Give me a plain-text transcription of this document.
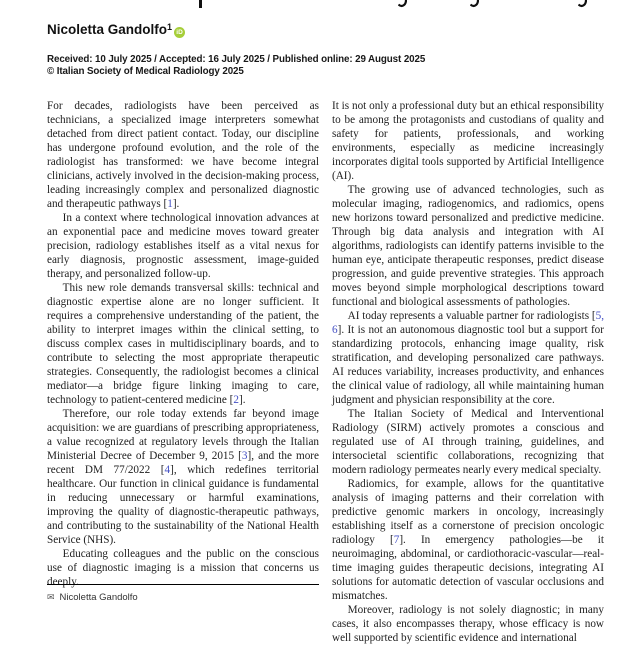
Nicoletta Gandolfo$^1$iD
Received: 10 July 2025 / Accepted: 16 July 2025 / Published online: 29 August 2025
© Italian Society of Medical Radiology 2025

For decades, radiologists have been perceived as technicians, a specialized image interpreters somewhat detached from direct patient contact. Today, our discipline has undergone profound evolution, and the role of the radiologist has transformed: we have become integral clinicians, actively involved in the decision-making process, leading increasingly complex and personalized diagnostic and therapeutic pathways [1].

In a context where technological innovation advances at an exponential pace and medicine moves toward greater precision, radiology establishes itself as a vital nexus for early diagnosis, prognostic assessment, image-guided therapy, and personalized follow-up.

This new role demands transversal skills: technical and diagnostic expertise alone are no longer sufficient. It requires a comprehensive understanding of the patient, the ability to interpret images within the clinical setting, to discuss complex cases in multidisciplinary boards, and to contribute to selecting the most appropriate therapeutic strategies. Consequently, the radiologist becomes a clinical mediator—a bridge figure linking imaging to care, technology to patient-centered medicine [2].

Therefore, our role today extends far beyond image acquisition: we are guardians of prescribing appropriateness, a value recognized at regulatory levels through the Italian Ministerial Decree of December 9, 2015 [3], and the more recent DM 77/2022 [4], which redefines territorial healthcare. Our function in clinical guidance is fundamental in reducing unnecessary or harmful examinations, improving the quality of diagnostic-therapeutic pathways, and contributing to the sustainability of the National Health Service (NHS).

Educating colleagues and the public on the conscious use of diagnostic imaging is a mission that concerns us deeply.

It is not only a professional duty but an ethical responsibility to be among the protagonists and custodians of quality and safety for patients, professionals, and working environments, especially as medicine increasingly incorporates digital tools supported by Artificial Intelligence (AI).

The growing use of advanced technologies, such as molecular imaging, radiogenomics, and radiomics, opens new horizons toward personalized and predictive medicine. Through big data analysis and integration with AI algorithms, radiologists can identify patterns invisible to the human eye, anticipate therapeutic responses, predict disease progression, and guide preventive strategies. This approach moves beyond simple morphological descriptions toward functional and biological assessments of pathologies.

AI today represents a valuable partner for radiologists [5, 6]. It is not an autonomous diagnostic tool but a support for standardizing protocols, enhancing image quality, risk stratification, and developing personalized care pathways. AI reduces variability, increases productivity, and enhances the clinical value of radiology, all while maintaining human judgment and physician responsibility at the core.

The Italian Society of Medical and Interventional Radiology (SIRM) actively promotes a conscious and regulated use of AI through training, guidelines, and intersocietal scientific collaborations, recognizing that modern radiology permeates nearly every medical specialty.

Radiomics, for example, allows for the quantitative analysis of imaging patterns and their correlation with predictive genomic markers in oncology, increasingly establishing itself as a cornerstone of precision oncologic radiology [7]. In emergency pathologies—be it neuroimaging, abdominal, or cardiothoracic-vascular—real-time imaging guides therapeutic decisions, integrating AI solutions for automatic detection of vascular occlusions and mismatches.

Moreover, radiology is not solely diagnostic; in many cases, it also encompasses therapy, whose efficacy is now well supported by scientific evidence and international

✉ Nicoletta Gandolfo
